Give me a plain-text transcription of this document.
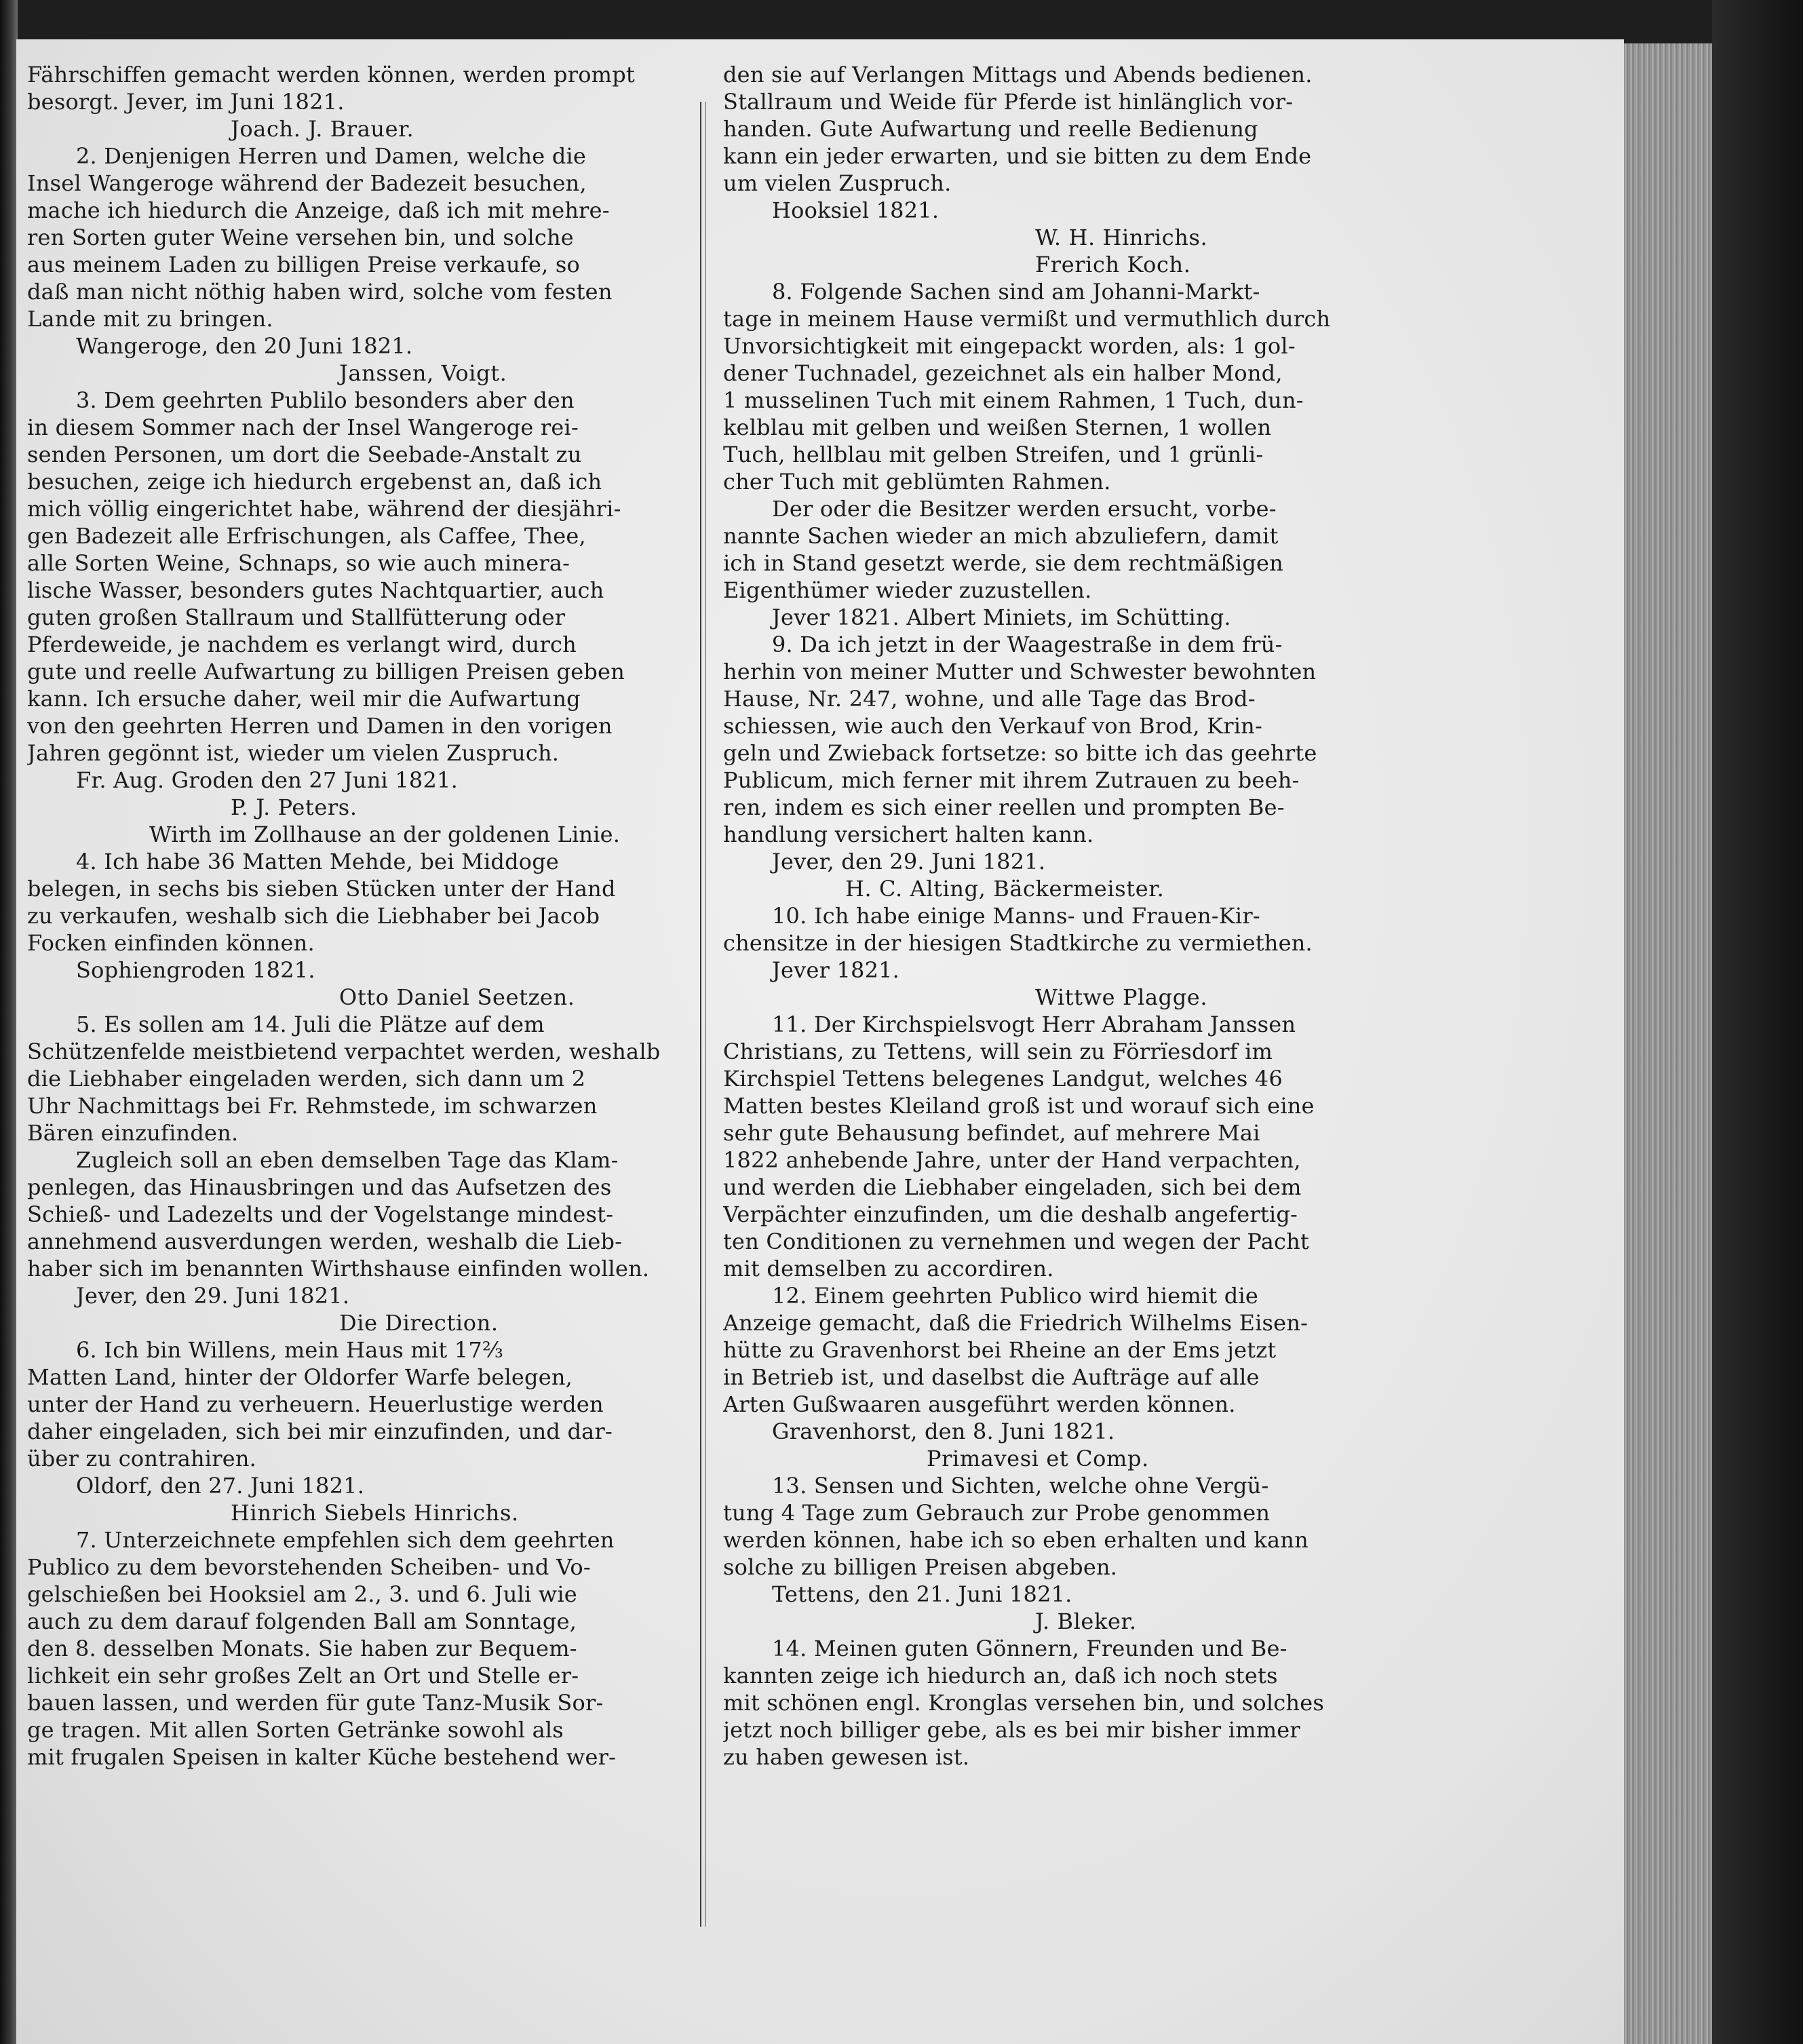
Fährschiffen gemacht werden können, werden prompt
besorgt. Jever, im Juni 1821.
Joach. J. Brauer.
2. Denjenigen Herren und Damen, welche die
Insel Wangeroge während der Badezeit besuchen,
mache ich hiedurch die Anzeige, daß ich mit mehre-
ren Sorten guter Weine versehen bin, und solche
aus meinem Laden zu billigen Preise verkaufe, so
daß man nicht nöthig haben wird, solche vom festen
Lande mit zu bringen.
Wangeroge, den 20 Juni 1821.
Janssen, Voigt.
3. Dem geehrten Publilo besonders aber den
in diesem Sommer nach der Insel Wangeroge rei-
senden Personen, um dort die Seebade-Anstalt zu
besuchen, zeige ich hiedurch ergebenst an, daß ich
mich völlig eingerichtet habe, während der diesjähri-
gen Badezeit alle Erfrischungen, als Caffee, Thee,
alle Sorten Weine, Schnaps, so wie auch minera-
lische Wasser, besonders gutes Nachtquartier, auch
guten großen Stallraum und Stallfütterung oder
Pferdeweide, je nachdem es verlangt wird, durch
gute und reelle Aufwartung zu billigen Preisen geben
kann. Ich ersuche daher, weil mir die Aufwartung
von den geehrten Herren und Damen in den vorigen
Jahren gegönnt ist, wieder um vielen Zuspruch.
Fr. Aug. Groden den 27 Juni 1821.
P. J. Peters.
Wirth im Zollhause an der goldenen Linie.
4. Ich habe 36 Matten Mehde, bei Middoge
belegen, in sechs bis sieben Stücken unter der Hand
zu verkaufen, weshalb sich die Liebhaber bei Jacob
Focken einfinden können.
Sophiengroden 1821.
Otto Daniel Seetzen.
5. Es sollen am 14. Juli die Plätze auf dem
Schützenfelde meistbietend verpachtet werden, weshalb
die Liebhaber eingeladen werden, sich dann um 2
Uhr Nachmittags bei Fr. Rehmstede, im schwarzen
Bären einzufinden.
Zugleich soll an eben demselben Tage das Klam-
penlegen, das Hinausbringen und das Aufsetzen des
Schieß- und Ladezelts und der Vogelstange mindest-
annehmend ausverdungen werden, weshalb die Lieb-
haber sich im benannten Wirthshause einfinden wollen.
Jever, den 29. Juni 1821.
Die Direction.
6. Ich bin Willens, mein Haus mit 17⅔
Matten Land, hinter der Oldorfer Warfe belegen,
unter der Hand zu verheuern. Heuerlustige werden
daher eingeladen, sich bei mir einzufinden, und dar-
über zu contrahiren.
Oldorf, den 27. Juni 1821.
Hinrich Siebels Hinrichs.
7. Unterzeichnete empfehlen sich dem geehrten
Publico zu dem bevorstehenden Scheiben- und Vo-
gelschießen bei Hooksiel am 2., 3. und 6. Juli wie
auch zu dem darauf folgenden Ball am Sonntage,
den 8. desselben Monats. Sie haben zur Bequem-
lichkeit ein sehr großes Zelt an Ort und Stelle er-
bauen lassen, und werden für gute Tanz-Musik Sor-
ge tragen. Mit allen Sorten Getränke sowohl als
mit frugalen Speisen in kalter Küche bestehend wer-
den sie auf Verlangen Mittags und Abends bedienen.
Stallraum und Weide für Pferde ist hinlänglich vor-
handen. Gute Aufwartung und reelle Bedienung
kann ein jeder erwarten, und sie bitten zu dem Ende
um vielen Zuspruch.
Hooksiel 1821.
W. H. Hinrichs.
Frerich Koch.
8. Folgende Sachen sind am Johanni-Markt-
tage in meinem Hause vermißt und vermuthlich durch
Unvorsichtigkeit mit eingepackt worden, als: 1 gol-
dener Tuchnadel, gezeichnet als ein halber Mond,
1 musselinen Tuch mit einem Rahmen, 1 Tuch, dun-
kelblau mit gelben und weißen Sternen, 1 wollen
Tuch, hellblau mit gelben Streifen, und 1 grünli-
cher Tuch mit geblümten Rahmen.
Der oder die Besitzer werden ersucht, vorbe-
nannte Sachen wieder an mich abzuliefern, damit
ich in Stand gesetzt werde, sie dem rechtmäßigen
Eigenthümer wieder zuzustellen.
Jever 1821. Albert Miniets, im Schütting.
9. Da ich jetzt in der Waagestraße in dem frü-
herhin von meiner Mutter und Schwester bewohnten
Hause, Nr. 247, wohne, und alle Tage das Brod-
schiessen, wie auch den Verkauf von Brod, Krin-
geln und Zwieback fortsetze: so bitte ich das geehrte
Publicum, mich ferner mit ihrem Zutrauen zu beeh-
ren, indem es sich einer reellen und prompten Be-
handlung versichert halten kann.
Jever, den 29. Juni 1821.
H. C. Alting, Bäckermeister.
10. Ich habe einige Manns- und Frauen-Kir-
chensitze in der hiesigen Stadtkirche zu vermiethen.
Jever 1821.
Wittwe Plagge.
11. Der Kirchspielsvogt Herr Abraham Janssen
Christians, zu Tettens, will sein zu Förrïesdorf im
Kirchspiel Tettens belegenes Landgut, welches 46
Matten bestes Kleiland groß ist und worauf sich eine
sehr gute Behausung befindet, auf mehrere Mai
1822 anhebende Jahre, unter der Hand verpachten,
und werden die Liebhaber eingeladen, sich bei dem
Verpächter einzufinden, um die deshalb angefertig-
ten Conditionen zu vernehmen und wegen der Pacht
mit demselben zu accordiren.
12. Einem geehrten Publico wird hiemit die
Anzeige gemacht, daß die Friedrich Wilhelms Eisen-
hütte zu Gravenhorst bei Rheine an der Ems jetzt
in Betrieb ist, und daselbst die Aufträge auf alle
Arten Gußwaaren ausgeführt werden können.
Gravenhorst, den 8. Juni 1821.
Primavesi et Comp.
13. Sensen und Sichten, welche ohne Vergü-
tung 4 Tage zum Gebrauch zur Probe genommen
werden können, habe ich so eben erhalten und kann
solche zu billigen Preisen abgeben.
Tettens, den 21. Juni 1821.
J. Bleker.
14. Meinen guten Gönnern, Freunden und Be-
kannten zeige ich hiedurch an, daß ich noch stets
mit schönen engl. Kronglas versehen bin, und solches
jetzt noch billiger gebe, als es bei mir bisher immer
zu haben gewesen ist.
